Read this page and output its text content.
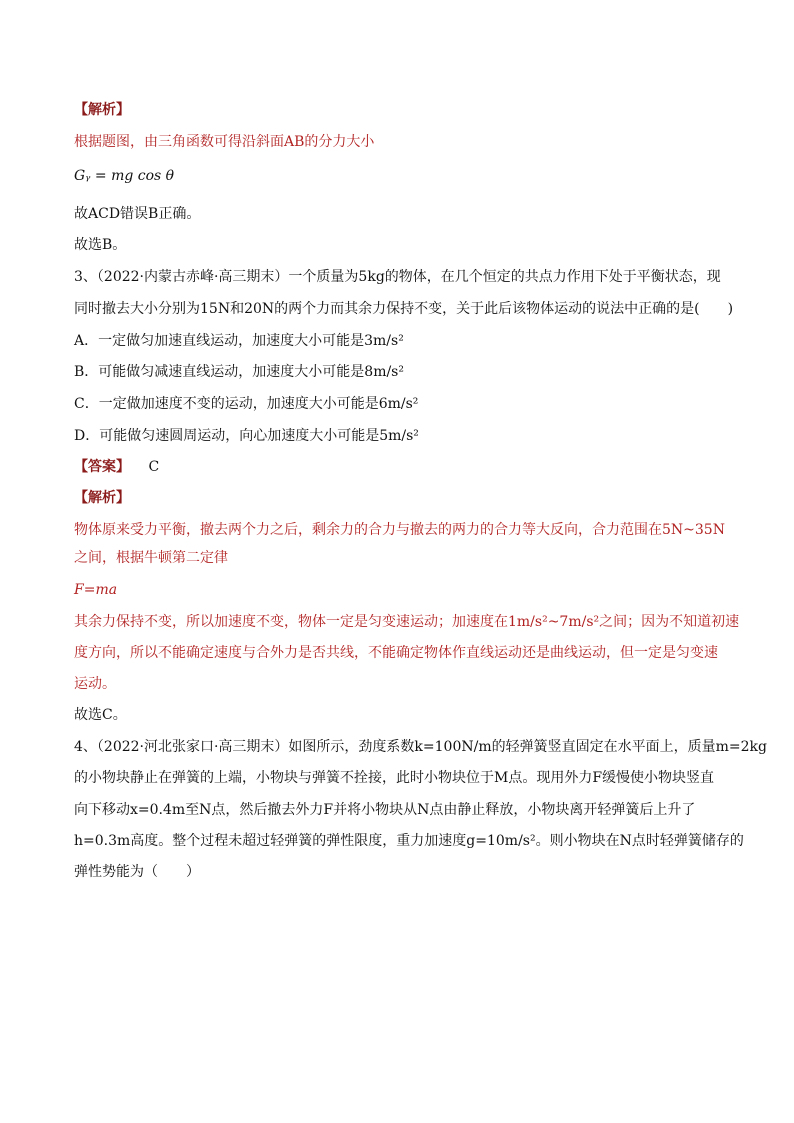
【解析】
根据题图，由三角函数可得沿斜面AB的分力大小
Gᵧ = mg cos θ
故ACD错误B正确。
故选B。
3、（2022·内蒙古赤峰·高三期末）一个质量为5kg的物体，在几个恒定的共点力作用下处于平衡状态，现
同时撤去大小分别为15N和20N的两个力而其余力保持不变，关于此后该物体运动的说法中正确的是(　　)
A．一定做匀加速直线运动，加速度大小可能是3m/s²
B．可能做匀减速直线运动，加速度大小可能是8m/s²
C．一定做加速度不变的运动，加速度大小可能是6m/s²
D．可能做匀速圆周运动，向心加速度大小可能是5m/s²
【答案】 C
【解析】
物体原来受力平衡，撤去两个力之后，剩余力的合力与撤去的两力的合力等大反向，合力范围在5N~35N
之间，根据牛顿第二定律
F=ma
其余力保持不变，所以加速度不变，物体一定是匀变速运动；加速度在1m/s²~7m/s²之间；因为不知道初速
度方向，所以不能确定速度与合外力是否共线，不能确定物体作直线运动还是曲线运动，但一定是匀变速
运动。
故选C。
4、（2022·河北张家口·高三期末）如图所示，劲度系数k=100N/m的轻弹簧竖直固定在水平面上，质量m=2kg
的小物块静止在弹簧的上端，小物块与弹簧不拴接，此时小物块位于M点。现用外力F缓慢使小物块竖直
向下移动x=0.4m至N点，然后撤去外力F并将小物块从N点由静止释放，小物块离开轻弹簧后上升了
h=0.3m高度。整个过程未超过轻弹簧的弹性限度，重力加速度g=10m/s²。则小物块在N点时轻弹簧储存的
弹性势能为（　　）
